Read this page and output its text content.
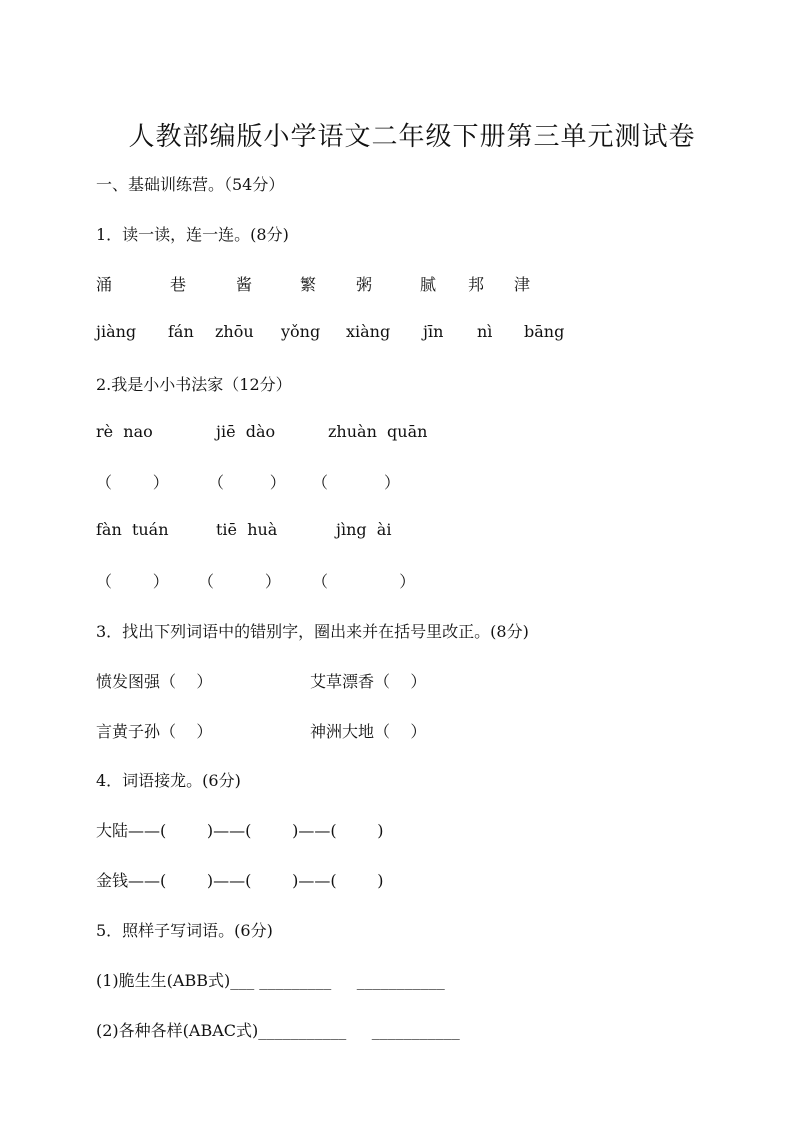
人教部编版小学语文二年级下册第三单元测试卷
一、基础训练营。（54分）
1．读一读，连一连。(8分)
涌	巷	酱	繁 粥	腻 邦 津
jiàng fán zhōu yǒng xiàng jīn nì bāng
2.我是小小书法家（12分）
rè  nao	jiē  dào	zhuàn  quān
（        ） （         ） （           ）
fàn  tuán	tiē  huà	jìng  ài
（        ） （          ） （              ）
3．找出下列词语中的错别字，圈出来并在括号里改正。(8分)
愤发图强（    ）	艾草漂香（    ）
言黄子孙（    ）	神洲大地（    ）
4．词语接龙。(6分)
大陆——(        )——(        )——(        )
金钱——(        )——(        )——(        )
5．照样子写词语。(6分)
(1)脆生生(ABB式)___ _________     ___________
(2)各种各样(ABAC式)___________     ___________
